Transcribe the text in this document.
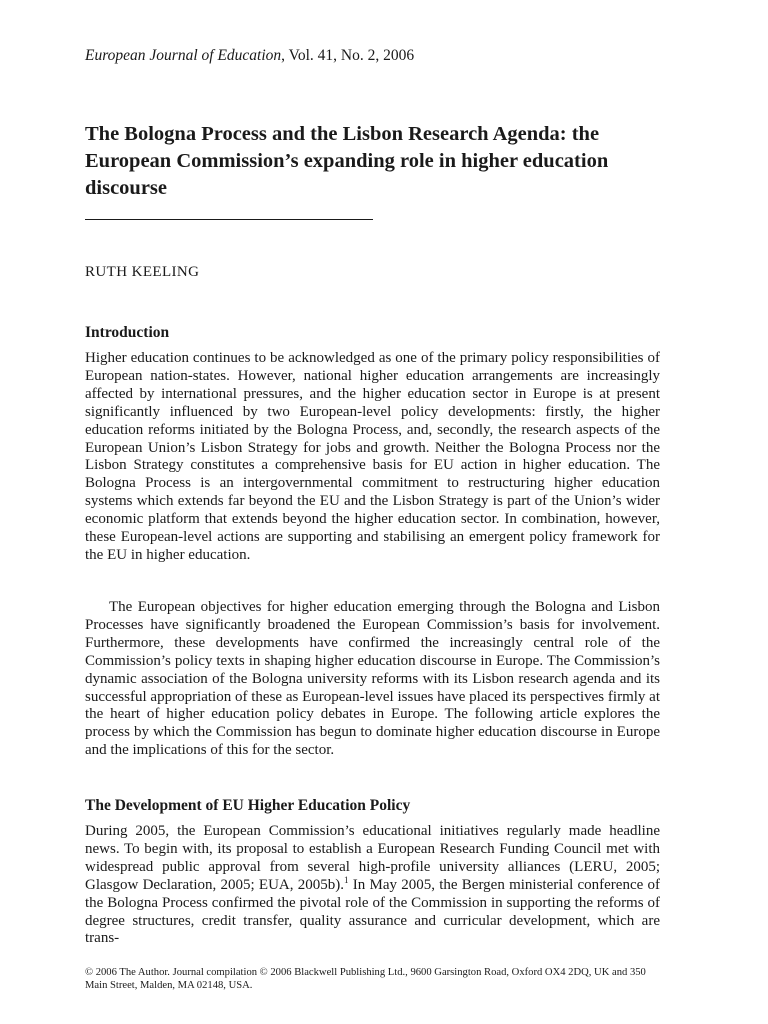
European Journal of Education, Vol. 41, No. 2, 2006
The Bologna Process and the Lisbon Research Agenda: the European Commission’s expanding role in higher education discourse
RUTH KEELING
Introduction

Higher education continues to be acknowledged as one of the primary policy responsibilities of European nation-states. However, national higher education arrangements are increasingly affected by international pressures, and the higher education sector in Europe is at present significantly influenced by two European-level policy developments: firstly, the higher education reforms initiated by the Bologna Process, and, secondly, the research aspects of the European Union’s Lisbon Strategy for jobs and growth. Neither the Bologna Process nor the Lisbon Strategy constitutes a comprehensive basis for EU action in higher education. The Bologna Process is an intergovernmental commitment to restructuring higher education systems which extends far beyond the EU and the Lisbon Strategy is part of the Union’s wider economic platform that extends beyond the higher education sector. In combination, however, these European-level actions are supporting and stabilising an emergent policy framework for the EU in higher education.

The European objectives for higher education emerging through the Bologna and Lisbon Processes have significantly broadened the European Commission’s basis for involvement. Furthermore, these developments have confirmed the increasingly central role of the Commission’s policy texts in shaping higher education discourse in Europe. The Commission’s dynamic association of the Bologna university reforms with its Lisbon research agenda and its successful appropriation of these as European-level issues have placed its perspectives firmly at the heart of higher education policy debates in Europe. The following article explores the process by which the Commission has begun to dominate higher education discourse in Europe and the implications of this for the sector.

The Development of EU Higher Education Policy

During 2005, the European Commission’s educational initiatives regularly made headline news. To begin with, its proposal to establish a European Research Funding Council met with widespread public approval from several high-profile university alliances (LERU, 2005; Glasgow Declaration, 2005; EUA, 2005b).$^1$ In May 2005, the Bergen ministerial conference of the Bologna Process confirmed the pivotal role of the Commission in supporting the reforms of degree structures, credit transfer, quality assurance and curricular development, which are trans-

© 2006 The Author. Journal compilation © 2006 Blackwell Publishing Ltd., 9600 Garsington Road, Oxford OX4 2DQ, UK and 350 Main Street, Malden, MA 02148, USA.
